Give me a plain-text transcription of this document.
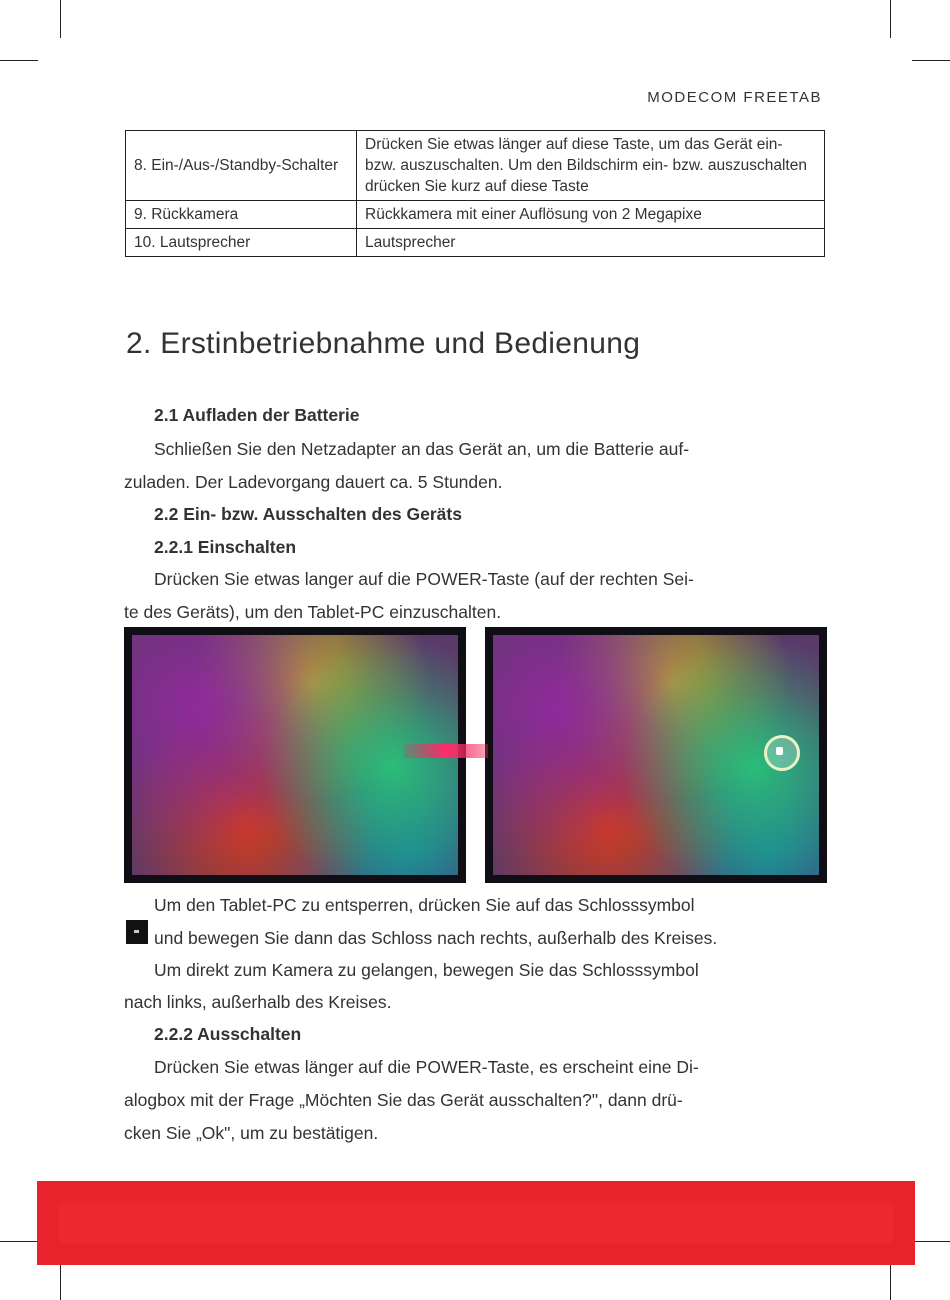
MODECOM FREETAB
8. Ein-/Aus-/Standby-Schalter	Drücken Sie etwas länger auf diese Taste, um das Gerät ein- bzw. auszuschalten. Um den Bildschirm ein- bzw. auszuschalten drücken Sie kurz auf diese Taste
9. Rückkamera	Rückkamera mit einer Auflösung von 2 Megapixe
10. Lautsprecher	Lautsprecher
2. Erstinbetriebnahme und Bedienung
2.1 Aufladen der Batterie
Schließen Sie den Netzadapter an das Gerät an, um die Batterie auf-
zuladen. Der Ladevorgang dauert ca. 5 Stunden.
2.2 Ein- bzw. Ausschalten des Geräts
2.2.1 Einschalten
Drücken Sie etwas langer auf die POWER-Taste (auf der rechten Sei-
te des Geräts), um den Tablet-PC einzuschalten.
Um den Tablet-PC zu entsperren, drücken Sie auf das Schlosssymbol
und bewegen Sie dann das Schloss nach rechts, außerhalb des Kreises.
Um direkt zum Kamera zu gelangen, bewegen Sie das Schlosssymbol
nach links, außerhalb des Kreises.
2.2.2 Ausschalten
Drücken Sie etwas länger auf die POWER-Taste, es erscheint eine Di-
alogbox mit der Frage „Möchten Sie das Gerät ausschalten?", dann drü-
cken Sie „Ok", um zu bestätigen.
